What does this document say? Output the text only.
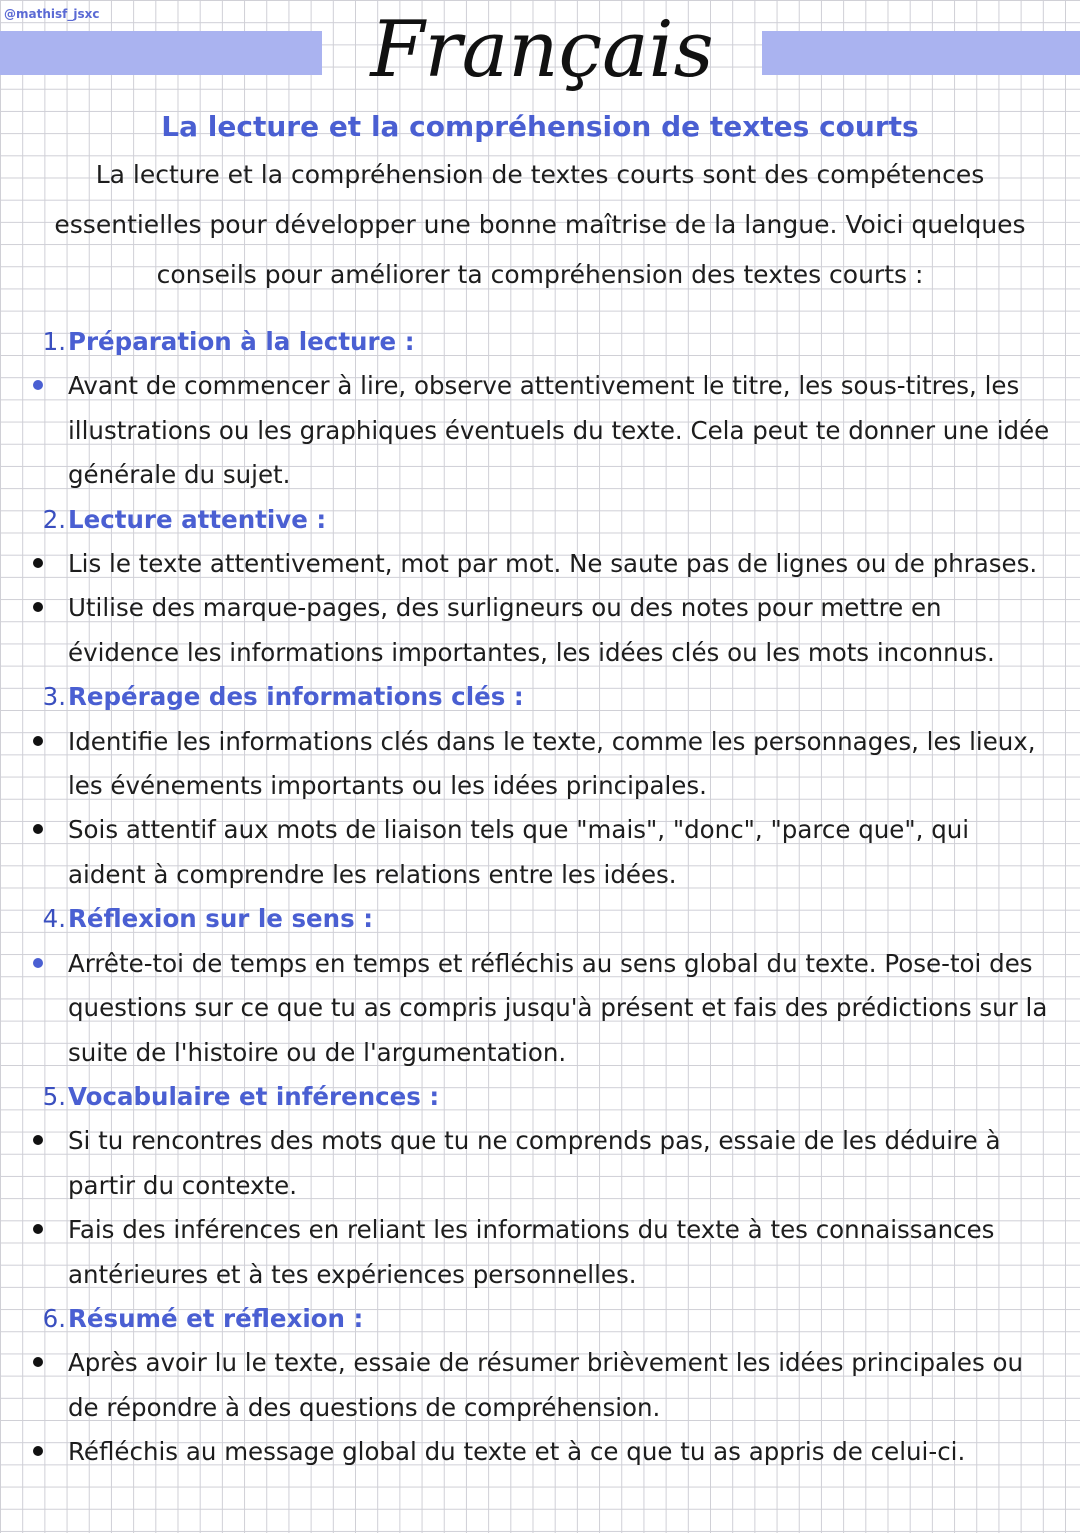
@mathisf_jsxc	Français
La lecture et la compréhension de textes courts
La lecture et la compréhension de textes courts sont des compétences essentielles pour développer une bonne maîtrise de la langue. Voici quelques conseils pour améliorer ta compréhension des textes courts :
1. Préparation à la lecture :
Avant de commencer à lire, observe attentivement le titre, les sous-titres, les illustrations ou les graphiques éventuels du texte. Cela peut te donner une idée générale du sujet.
2. Lecture attentive :
Lis le texte attentivement, mot par mot. Ne saute pas de lignes ou de phrases.
Utilise des marque-pages, des surligneurs ou des notes pour mettre en évidence les informations importantes, les idées clés ou les mots inconnus.
3. Repérage des informations clés :
Identifie les informations clés dans le texte, comme les personnages, les lieux, les événements importants ou les idées principales.
Sois attentif aux mots de liaison tels que "mais", "donc", "parce que", qui aident à comprendre les relations entre les idées.
4. Réflexion sur le sens :
Arrête-toi de temps en temps et réfléchis au sens global du texte. Pose-toi des questions sur ce que tu as compris jusqu'à présent et fais des prédictions sur la suite de l'histoire ou de l'argumentation.
5. Vocabulaire et inférences :
Si tu rencontres des mots que tu ne comprends pas, essaie de les déduire à partir du contexte.
Fais des inférences en reliant les informations du texte à tes connaissances antérieures et à tes expériences personnelles.
6. Résumé et réflexion :
Après avoir lu le texte, essaie de résumer brièvement les idées principales ou de répondre à des questions de compréhension.
Réfléchis au message global du texte et à ce que tu as appris de celui-ci.
